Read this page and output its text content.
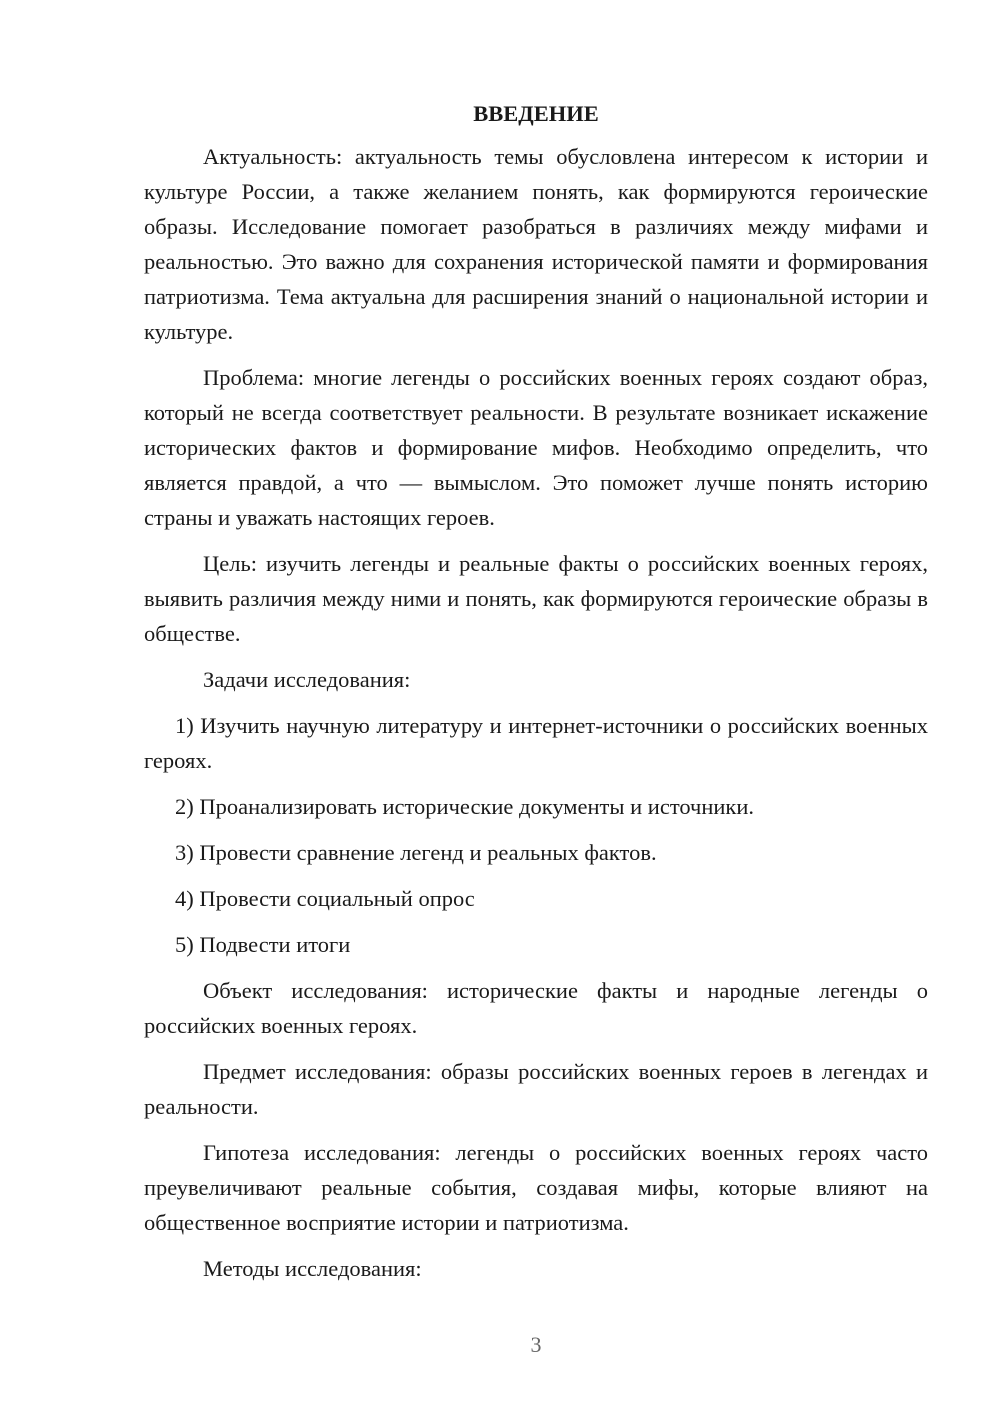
ВВЕДЕНИЕ

Актуальность: актуальность темы обусловлена интересом к истории и культуре России, а также желанием понять, как формируются героические образы. Исследование помогает разобраться в различиях между мифами и реальностью. Это важно для сохранения исторической памяти и формирования патриотизма. Тема актуальна для расширения знаний о национальной истории и культуре.

Проблема: многие легенды о российских военных героях создают образ, который не всегда соответствует реальности. В результате возникает искажение исторических фактов и формирование мифов. Необходимо определить, что является правдой, а что — вымыслом. Это поможет лучше понять историю страны и уважать настоящих героев.

Цель: изучить легенды и реальные факты о российских военных героях, выявить различия между ними и понять, как формируются героические образы в обществе.

Задачи исследования:

1) Изучить научную литературу и интернет-источники о российских военных героях.

2) Проанализировать исторические документы и источники.

3) Провести сравнение легенд и реальных фактов.

4) Провести социальный опрос

5) Подвести итоги

Объект исследования: исторические факты и народные легенды о российских военных героях.

Предмет исследования: образы российских военных героев в легендах и реальности.

Гипотеза исследования: легенды о российских военных героях часто преувеличивают реальные события, создавая мифы, которые влияют на общественное восприятие истории и патриотизма.

Методы исследования:

3
